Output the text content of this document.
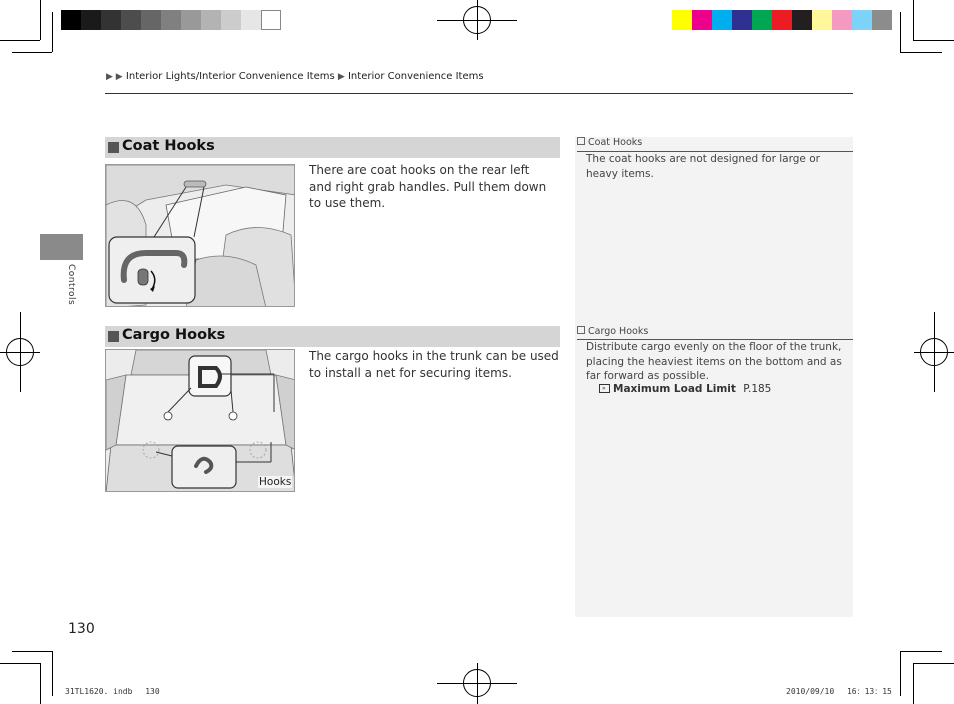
▶ ▶ Interior Lights/Interior Convenience Items ▶ Interior Convenience Items
Controls
Coat Hooks
There are coat hooks on the rear left and right grab handles. Pull them down to use them.
Cargo Hooks
Hooks
The cargo hooks in the trunk can be used to install a net for securing items.
Coat Hooks
The coat hooks are not designed for large or heavy items.
Cargo Hooks
Distribute cargo evenly on the floor of the trunk, placing the heaviest items on the bottom and as far forward as possible.
» Maximum Load Limit P.185
130
31TL1620. indb 　130	2010/09/10 　16：13：15
